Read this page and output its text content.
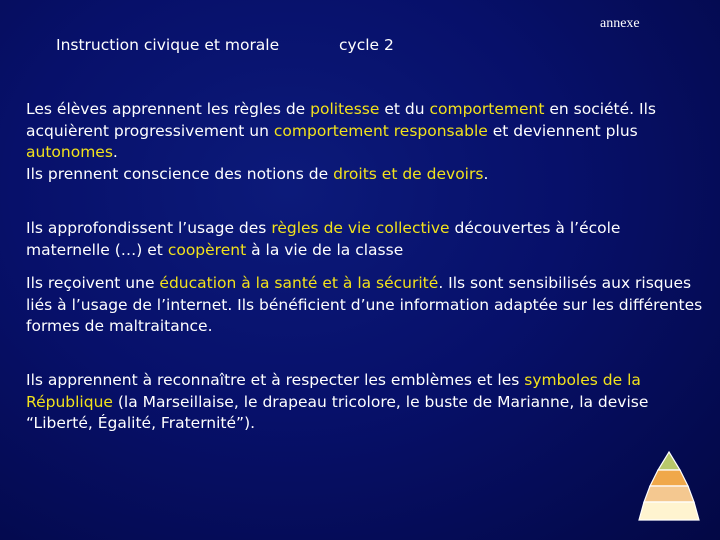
annexe
Instruction civique et morale	cycle 2
Les élèves apprennent les règles de politesse et du comportement en société. Ils acquièrent progressivement un comportement responsable et deviennent plus autonomes.
Ils prennent conscience des notions de droits et de devoirs.
Ils approfondissent l’usage des règles de vie collective découvertes à l’école maternelle (…) et coopèrent à la vie de la classe
Ils reçoivent une éducation à la santé et à la sécurité. Ils sont sensibilisés aux risques liés à l’usage de l’internet. Ils bénéficient d’une information adaptée sur les différentes formes de maltraitance.
Ils apprennent à reconnaître et à respecter les emblèmes et les symboles de la République (la Marseillaise, le drapeau tricolore, le buste de Marianne, la devise “Liberté, Égalité, Fraternité”).
